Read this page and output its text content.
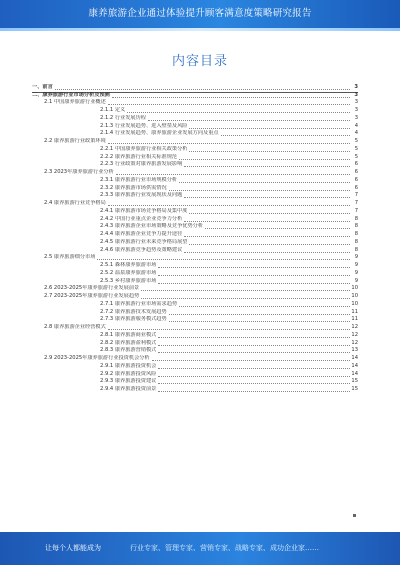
康养旅游企业通过体验提升顾客满意度策略研究报告
内容目录
一、前言	3
二、康养旅游行业市场分析及预测	3
2.1 中国康养旅游行业概述	3
2.1.1 定义	3
2.1.2 行业发展历程	3
2.1.3 行业发展趋势、进入壁垒及风险	4
2.1.4 行业发展趋势、康养旅游企业发展方向及重点	4
2.2 康养旅游行业政策环境	5
2.2.1 中国康养旅游行业相关政策分析	5
2.2.2 康养旅游行业相关标准规范	5
2.2.3 行业政策对康养旅游发展影响	6
2.3 2023年康养旅游行业分析	6
2.3.1 康养旅游行业市场规模分析	6
2.3.2 康养旅游市场供需情况	6
2.3.3 康养旅游行业发展现状及问题	7
2.4 康养旅游行业竞争格局	7
2.4.1 康养旅游市场竞争格局及集中度	7
2.4.2 中国行业重点企业竞争力分析	8
2.4.3 康养旅游企业市场策略及竞争优势分析	8
2.4.4 康养旅游企业竞争力提升途径	8
2.4.5 康养旅游行业未来竞争格局展望	8
2.4.6 康养旅游竞争趋势及策略建议	8
2.5 康养旅游细分市场	9
2.5.1 森林康养旅游市场	9
2.5.2 温泉康养旅游市场	9
2.5.3 乡村康养旅游市场	9
2.6 2023-2025年康养旅游行业发展前景	10
2.7 2023-2025年康养旅游行业发展趋势	10
2.7.1 康养旅游行业市场需求趋势	10
2.7.2 康养旅游技术发展趋势	11
2.7.3 康养旅游服务模式趋势	11
2.8 康养旅游企业经营模式	12
2.8.1 康养旅游商业模式	12
2.8.2 康养旅游盈利模式	12
2.8.3 康养旅游营销模式	13
2.9 2023-2025年康养旅游行业投资机会分析	14
2.9.1 康养旅游投资机会	14
2.9.2 康养旅游投资风险	14
2.9.3 康养旅游投资建议	15
2.9.4 康养旅游投资前景	15
让每个人都能成为	行业专家、管理专家、营销专家、战略专家、成功企业家……
